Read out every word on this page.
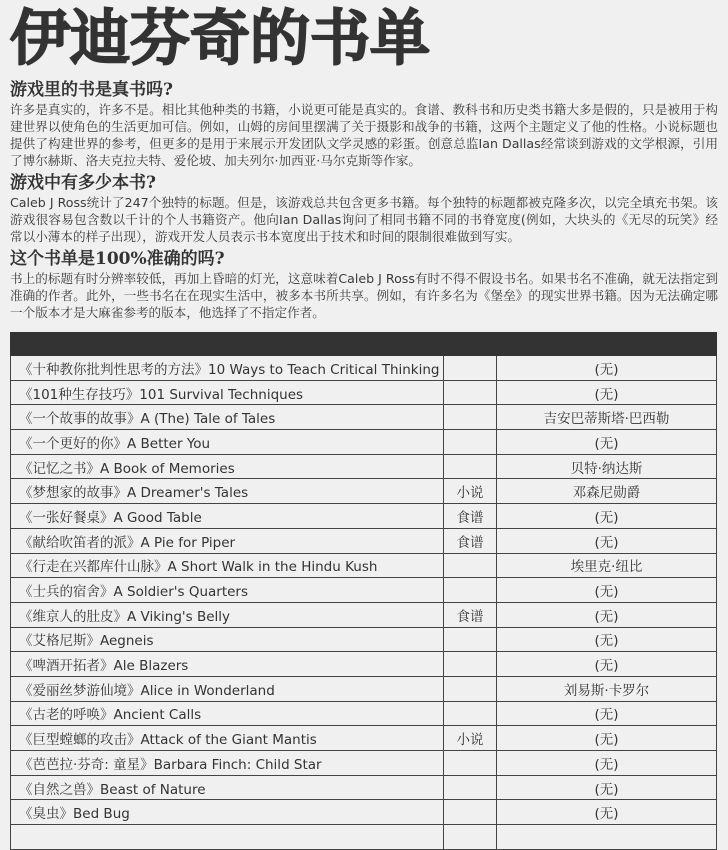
伊迪芬奇的书单
游戏里的书是真书吗?

许多是真实的，许多不是。相比其他种类的书籍，小说更可能是真实的。食谱、教科书和历史类书籍大多是假的，只是被用于构建世界以使角色的生活更加可信。例如，山姆的房间里摆满了关于摄影和战争的书籍，这两个主题定义了他的性格。小说标题也提供了构建世界的参考，但更多的是用于来展示开发团队文学灵感的彩蛋。创意总监Ian Dallas经常谈到游戏的文学根源，引用了博尔赫斯、洛夫克拉夫特、爱伦坡、加夫列尔·加西亚·马尔克斯等作家。

游戏中有多少本书?

Caleb J Ross统计了247个独特的标题。但是，该游戏总共包含更多书籍。每个独特的标题都被克隆多次，以完全填充书架。该游戏很容易包含数以千计的个人书籍资产。他向Ian Dallas询问了相同书籍不同的书脊宽度(例如，大块头的《无尽的玩笑》经常以小薄本的样子出现），游戏开发人员表示书本宽度出于技术和时间的限制很难做到写实。

这个书单是100%准确的吗?

书上的标题有时分辨率较低，再加上昏暗的灯光，这意味着Caleb J Ross有时不得不假设书名。如果书名不准确，就无法指定到准确的作者。此外，一些书名在在现实生活中，被多本书所共享。例如，有许多名为《堡垒》的现实世界书籍。因为无法确定哪一个版本才是大麻雀参考的版本，他选择了不指定作者。

《十种教你批判性思考的方法》10 Ways to Teach Critical Thinking		(无)
《101种生存技巧》101 Survival Techniques		(无)
《一个故事的故事》A (The) Tale of Tales		吉安巴蒂斯塔·巴西勒
《一个更好的你》A Better You		(无)
《记忆之书》A Book of Memories		贝特·纳达斯
《梦想家的故事》A Dreamer's Tales	小说	邓森尼勋爵
《一张好餐桌》A Good Table	食谱	(无)
《献给吹笛者的派》A Pie for Piper	食谱	(无)
《行走在兴都库什山脉》A Short Walk in the Hindu Kush		埃里克·纽比
《士兵的宿舍》A Soldier's Quarters		(无)
《维京人的肚皮》A Viking's Belly	食谱	(无)
《艾格尼斯》Aegneis		(无)
《啤酒开拓者》Ale Blazers		(无)
《爱丽丝梦游仙境》Alice in Wonderland		刘易斯·卡罗尔
《古老的呼唤》Ancient Calls		(无)
《巨型螳螂的攻击》Attack of the Giant Mantis	小说	(无)
《芭芭拉·芬奇: 童星》Barbara Finch: Child Star		(无)
《自然之兽》Beast of Nature		(无)
《臭虫》Bed Bug		(无)
